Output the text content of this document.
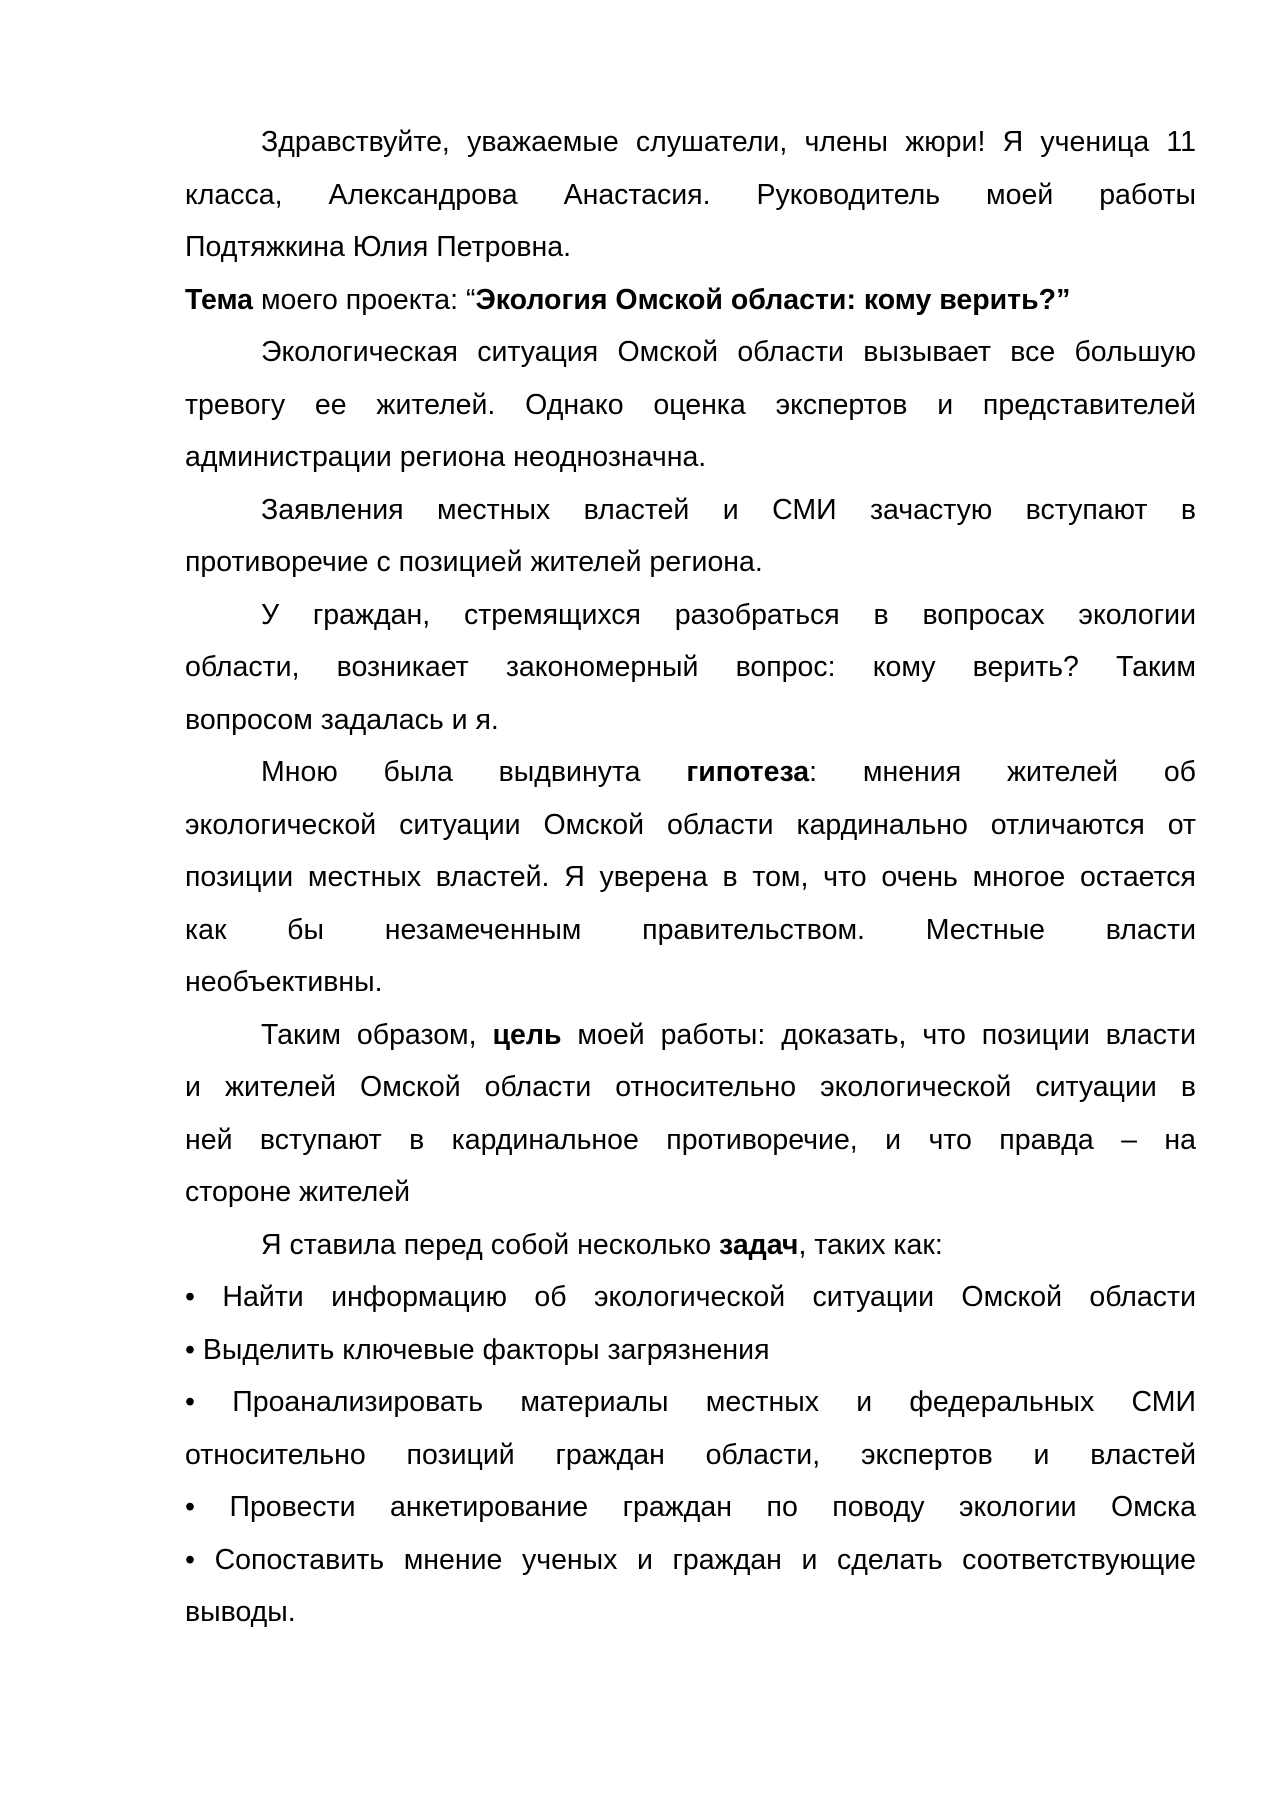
Здравствуйте, уважаемые слушатели, члены жюри! Я ученица 11
класса, Александрова Анастасия. Руководитель моей работы
Подтяжкина Юлия Петровна.
Тема моего проекта: “Экология Омской области: кому верить?”
Экологическая ситуация Омской области вызывает все большую
тревогу ее жителей. Однако оценка экспертов и представителей
администрации региона неоднозначна.
Заявления местных властей и СМИ зачастую вступают в
противоречие с позицией жителей региона.
У граждан, стремящихся разобраться в вопросах экологии
области, возникает закономерный вопрос: кому верить? Таким
вопросом задалась и я.
Мною была выдвинута гипотеза: мнения жителей об
экологической ситуации Омской области кардинально отличаются от
позиции местных властей. Я уверена в том, что очень многое остается
как бы незамеченным правительством. Местные власти
необъективны.
Таким образом, цель моей работы: доказать, что позиции власти
и жителей Омской области относительно экологической ситуации в
ней вступают в кардинальное противоречие, и что правда – на
стороне жителей
Я ставила перед собой несколько задач, таких как:
• Найти информацию об экологической ситуации Омской области
• Выделить ключевые факторы загрязнения
• Проанализировать материалы местных и федеральных СМИ
относительно позиций граждан области, экспертов и властей
• Провести анкетирование граждан по поводу экологии Омска
• Сопоставить мнение ученых и граждан и сделать соответствующие
выводы.
